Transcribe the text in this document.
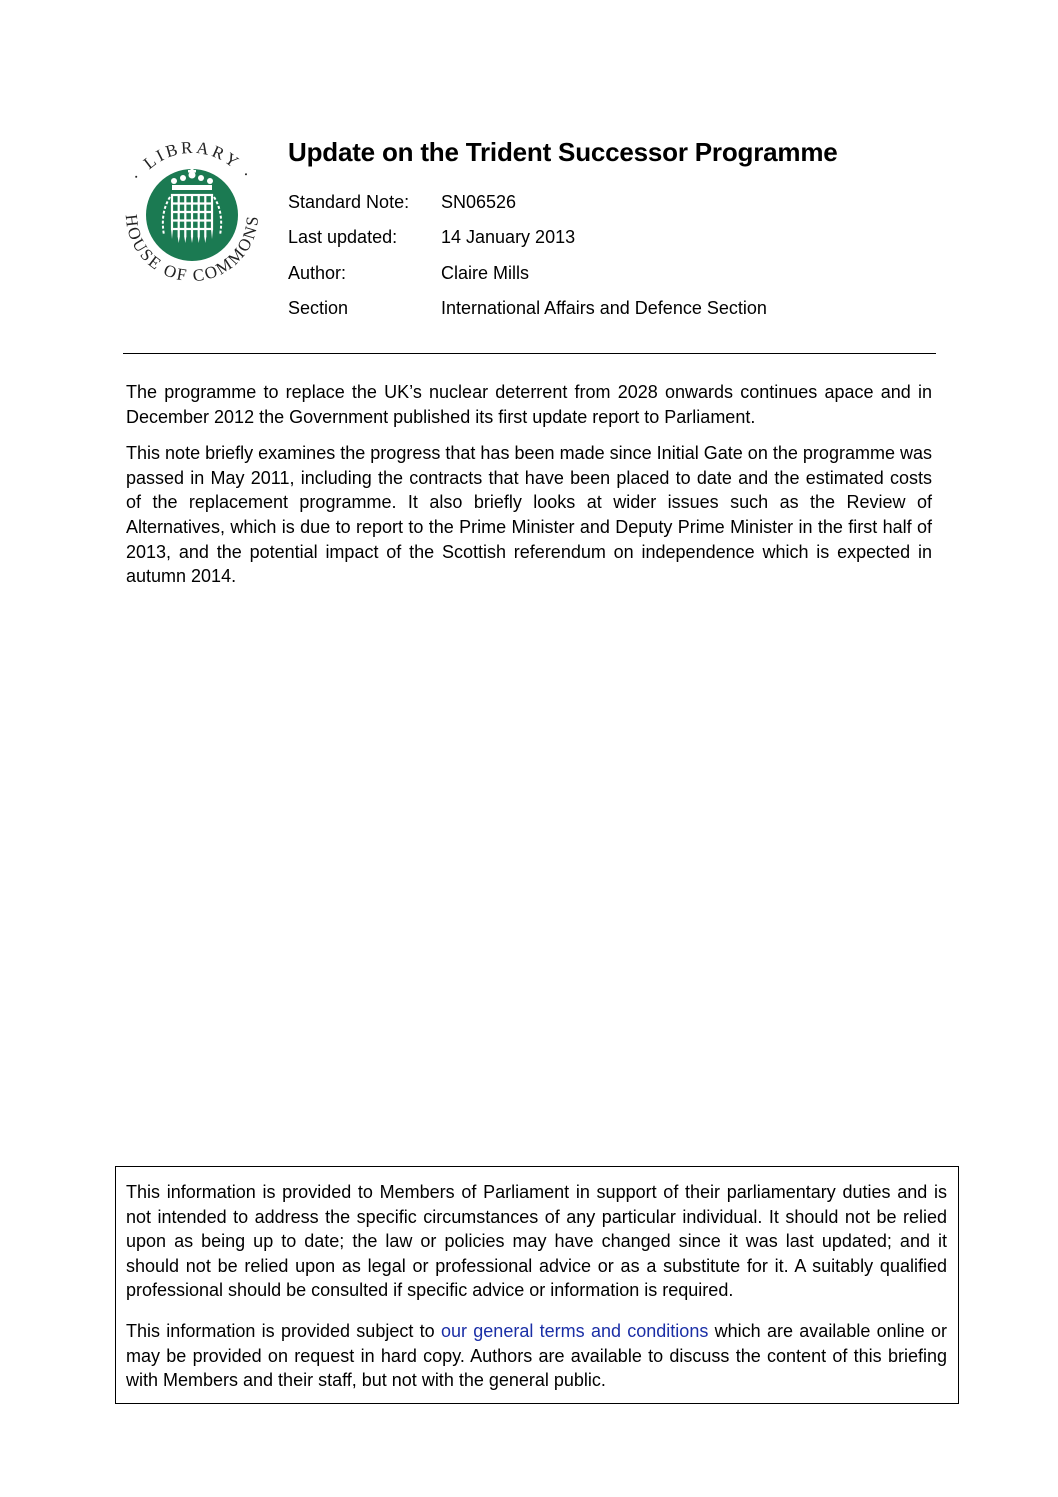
· LIBRARY ·
HOUSE OF COMMONS
Update on the Trident Successor Programme
Standard Note:	SN06526
Last updated:	14 January 2013
Author:	Claire Mills
Section	International Affairs and Defence Section

The programme to replace the UK’s nuclear deterrent from 2028 onwards continues apace and in December 2012 the Government published its first update report to Parliament.

This note briefly examines the progress that has been made since Initial Gate on the programme was passed in May 2011, including the contracts that have been placed to date and the estimated costs of the replacement programme. It also briefly looks at wider issues such as the Review of Alternatives, which is due to report to the Prime Minister and Deputy Prime Minister in the first half of 2013, and the potential impact of the Scottish referendum on independence which is expected in autumn 2014.

This information is provided to Members of Parliament in support of their parliamentary duties and is not intended to address the specific circumstances of any particular individual. It should not be relied upon as being up to date; the law or policies may have changed since it was last updated; and it should not be relied upon as legal or professional advice or as a substitute for it. A suitably qualified professional should be consulted if specific advice or information is required.

This information is provided subject to our general terms and conditions which are available online or may be provided on request in hard copy. Authors are available to discuss the content of this briefing with Members and their staff, but not with the general public.
